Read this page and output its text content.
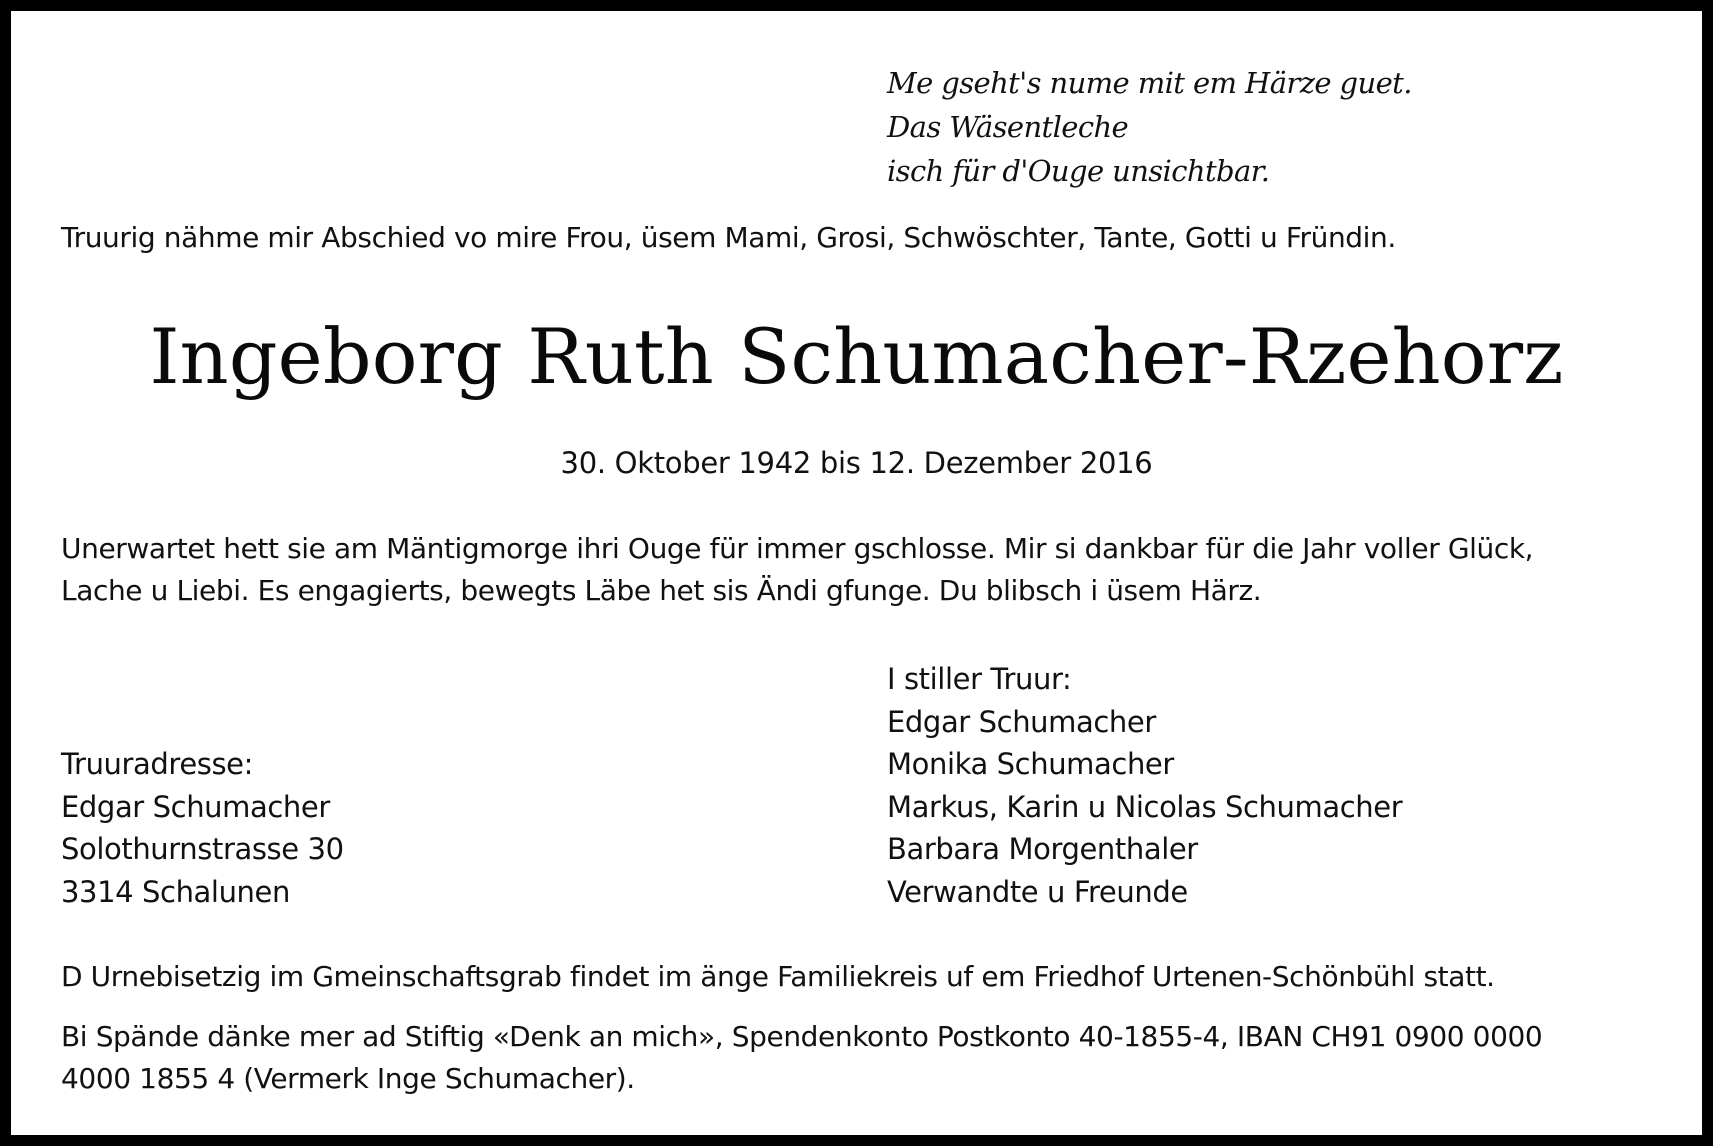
Me gseht's nume mit em Härze guet.
Das Wäsentleche
isch für d'Ouge unsichtbar.
Truurig nähme mir Abschied vo mire Frou, üsem Mami, Grosi, Schwöschter, Tante, Gotti u Fründin.
Ingeborg Ruth Schumacher-Rzehorz
30. Oktober 1942 bis 12. Dezember 2016
Unerwartet hett sie am Mäntigmorge ihri Ouge für immer gschlosse. Mir si dankbar für die Jahr voller Glück,
Lache u Liebi. Es engagierts, bewegts Läbe het sis Ändi gfunge. Du blibsch i üsem Härz.
I stiller Truur:
Edgar Schumacher
Monika Schumacher
Markus, Karin u Nicolas Schumacher
Barbara Morgenthaler
Verwandte u Freunde
Truuradresse:
Edgar Schumacher
Solothurnstrasse 30
3314 Schalunen
D Urnebisetzig im Gmeinschaftsgrab findet im änge Familiekreis uf em Friedhof Urtenen-Schönbühl statt.
Bi Spände dänke mer ad Stiftig «Denk an mich», Spendenkonto Postkonto 40-1855-4, IBAN CH91 0900 0000
4000 1855 4 (Vermerk Inge Schumacher).
